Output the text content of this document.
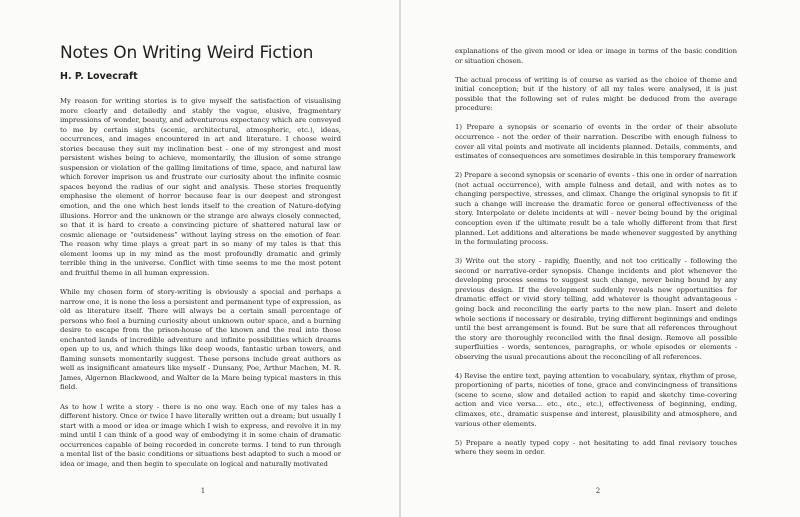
Notes On Writing Weird Fiction
H. P. Lovecraft

My reason for writing stories is to give myself the satisfaction of visualising more clearly and detailedly and stably the vague, elusive, fragmentary impressions of wonder, beauty, and adventurous expectancy which are conveyed to me by certain sights (scenic, architectural, atmospheric, etc.), ideas, occurrences, and images encountered in art and literature. I choose weird stories because they suit my inclination best - one of my strongest and most persistent wishes being to achieve, momentarily, the illusion of some strange suspension or violation of the galling limitations of time, space, and natural law which forever imprison us and frustrate our curiosity about the infinite cosmic spaces beyond the radius of our sight and analysis. These stories frequently emphasise the element of horror because fear is our deepest and strongest emotion, and the one which best lends itself to the creation of Nature-defying illusions. Horror and the unknown or the strange are always closely connected, so that it is hard to create a convincing picture of shattered natural law or cosmic alienage or “outsideness” without laying stress on the emotion of fear. The reason why time plays a great part in so many of my tales is that this element looms up in my mind as the most profoundly dramatic and grimly terrible thing in the universe. Conflict with time seems to me the most potent and fruitful theme in all human expression.

While my chosen form of story-writing is obviously a special and perhaps a narrow one, it is none the less a persistent and permanent type of expression, as old as literature itself. There will always be a certain small percentage of persons who feel a burning curiosity about unknown outer space, and a burning desire to escape from the prison-house of the known and the real into those enchanted lands of incredible adventure and infinite possibilities which dreams open up to us, and which things like deep woods, fantastic urban towers, and flaming sunsets momentarily suggest. These persons include great authors as well as insignificant amateurs like myself - Dunsany, Poe, Arthur Machen, M. R. James, Algernon Blackwood, and Walter de la Mare being typical masters in this field.

As to how I write a story - there is no one way. Each one of my tales has a different history. Once or twice I have literally written out a dream; but usually I start with a mood or idea or image which I wish to express, and revolve it in my mind until I can think of a good way of embodying it in some chain of dramatic occurrences capable of being recorded in concrete terms. I tend to run through a mental list of the basic conditions or situations best adapted to such a mood or idea or image, and then begin to speculate on logical and naturally motivated

1

explanations of the given mood or idea or image in terms of the basic condition or situation chosen.

The actual process of writing is of course as varied as the choice of theme and initial conception; but if the history of all my tales were analysed, it is just possible that the following set of rules might be deduced from the average procedure:

1) Prepare a synopsis or scenario of events in the order of their absolute occurrence - not the order of their narration. Describe with enough fulness to cover all vital points and motivate all incidents planned. Details, comments, and estimates of consequences are sometimes desirable in this temporary framework

2) Prepare a second synopsis or scenario of events - this one in order of narration (not actual occurrence), with ample fulness and detail, and with notes as to changing perspective, stresses, and climax. Change the original synopsis to fit if such a change will increase the dramatic force or general effectiveness of the story. Interpolate or delete incidents at will - never being bound by the original conception even if the ultimate result be a tale wholly different from that first planned. Let additions and alterations be made whenever suggested by anything in the formulating process.

3) Write out the story - rapidly, fluently, and not too critically - following the second or narrative-order synopsis. Change incidents and plot whenever the developing process seems to suggest such change, never being bound by any previous design. If the development suddenly reveals new opportunities for dramatic effect or vivid story telling, add whatever is thought advantageous - going back and reconciling the early parts to the new plan. Insert and delete whole sections if necessary or desirable, trying different beginnings and endings until the best arrangement is found. But be sure that all references throughout the story are thoroughly reconciled with the final design. Remove all possible superfluities - words, sentences, paragraphs, or whole episodes or elements - observing the usual precautions about the reconciling of all references.

4) Revise the entire text, paying attention to vocabulary, syntax, rhythm of prose, proportioning of parts, niceties of tone, grace and convincingness of transitions (scene to scene, slow and detailed action to rapid and sketchy time-covering action and vice versa... etc., etc., etc.), effectiveness of beginning, ending, climaxes, etc., dramatic suspense and interest, plausibility and atmosphere, and various other elements.

5) Prepare a neatly typed copy - not hesitating to add final revisory touches where they seem in order.

2
